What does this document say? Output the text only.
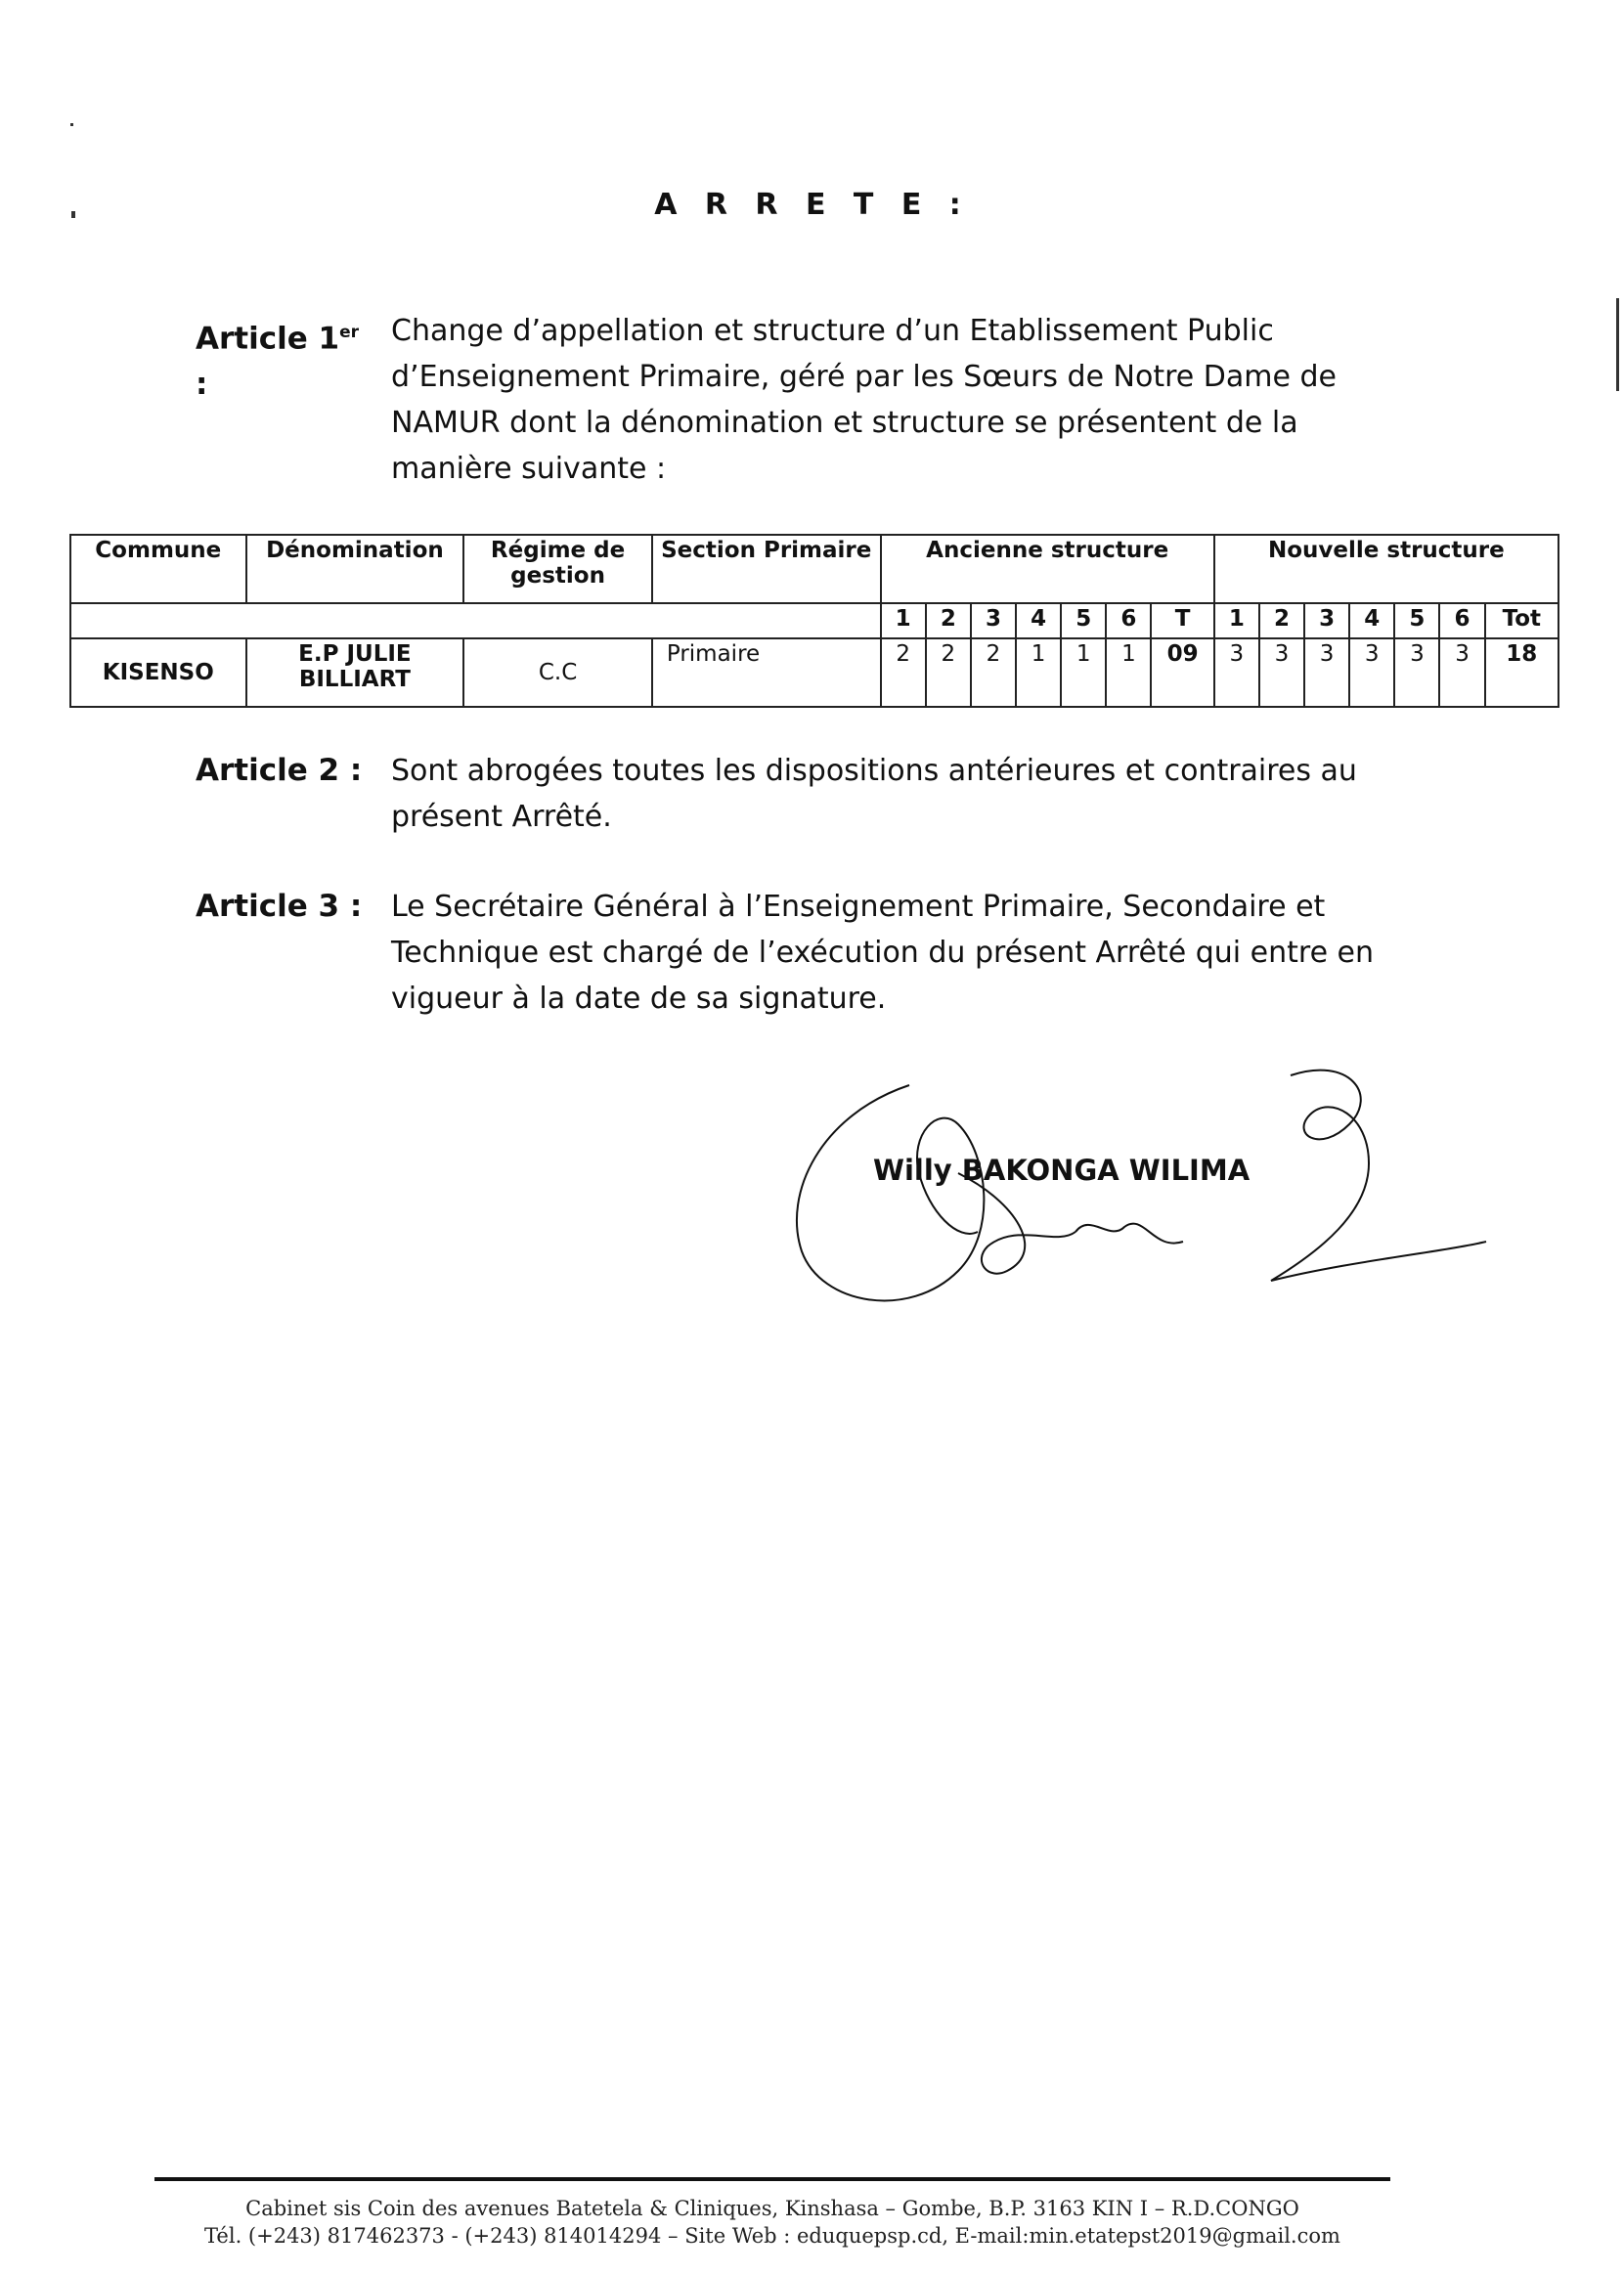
A R R E T E :
Article 1er :
Change d’appellation et structure d’un Etablissement Public d’Enseignement Primaire, géré par les Sœurs de Notre Dame de NAMUR dont la dénomination et structure se présentent de la manière suivante :
Commune	Dénomination	Régime de gestion	Section Primaire	Ancienne structure							Nouvelle structure						
				1	2	3	4	5	6	T	1	2	3	4	5	6	Tot
KISENSO	E.P JULIE BILLIART	C.C	Primaire	2	2	2	1	1	1	09	3	3	3	3	3	3	18
Article 2 : Sont abrogées toutes les dispositions antérieures et contraires au présent Arrêté.
Article 3 : Le Secrétaire Général à l’Enseignement Primaire, Secondaire et Technique est chargé de l’exécution du présent Arrêté qui entre en vigueur à la date de sa signature.
Willy BAKONGA WILIMA
Cabinet sis Coin des avenues Batetela & Cliniques, Kinshasa – Gombe, B.P. 3163 KIN I – R.D.CONGO
Tél. (+243) 817462373 - (+243) 814014294 – Site Web : eduquepsp.cd, E-mail:min.etatepst2019@gmail.com
